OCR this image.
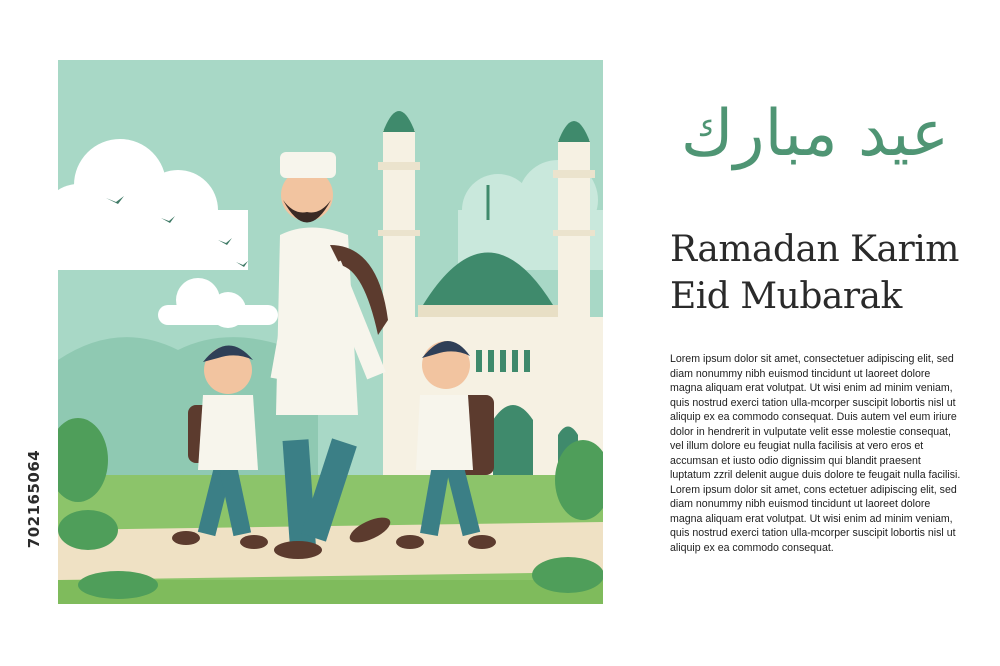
702165064
عيد مبارك
Ramadan Karim
Eid Mubarak
Lorem ipsum dolor sit amet, consectetuer adipiscing elit, sed diam nonummy nibh euismod tincidunt ut laoreet dolore magna aliquam erat volutpat. Ut wisi enim ad minim veniam, quis nostrud exerci tation ulla-mcorper suscipit lobortis nisl ut aliquip ex ea commodo consequat. Duis autem vel eum iriure dolor in hendrerit in vulputate velit esse molestie consequat, vel illum dolore eu feugiat nulla facilisis at vero eros et accumsan et iusto odio dignissim qui blandit praesent luptatum zzril delenit augue duis dolore te feugait nulla facilisi. Lorem ipsum dolor sit amet, cons ectetuer adipiscing elit, sed diam nonummy nibh euismod tincidunt ut laoreet dolore magna aliquam erat volutpat. Ut wisi enim ad minim veniam, quis nostrud exerci tation ulla-mcorper suscipit lobortis nisl ut aliquip ex ea commodo consequat.
